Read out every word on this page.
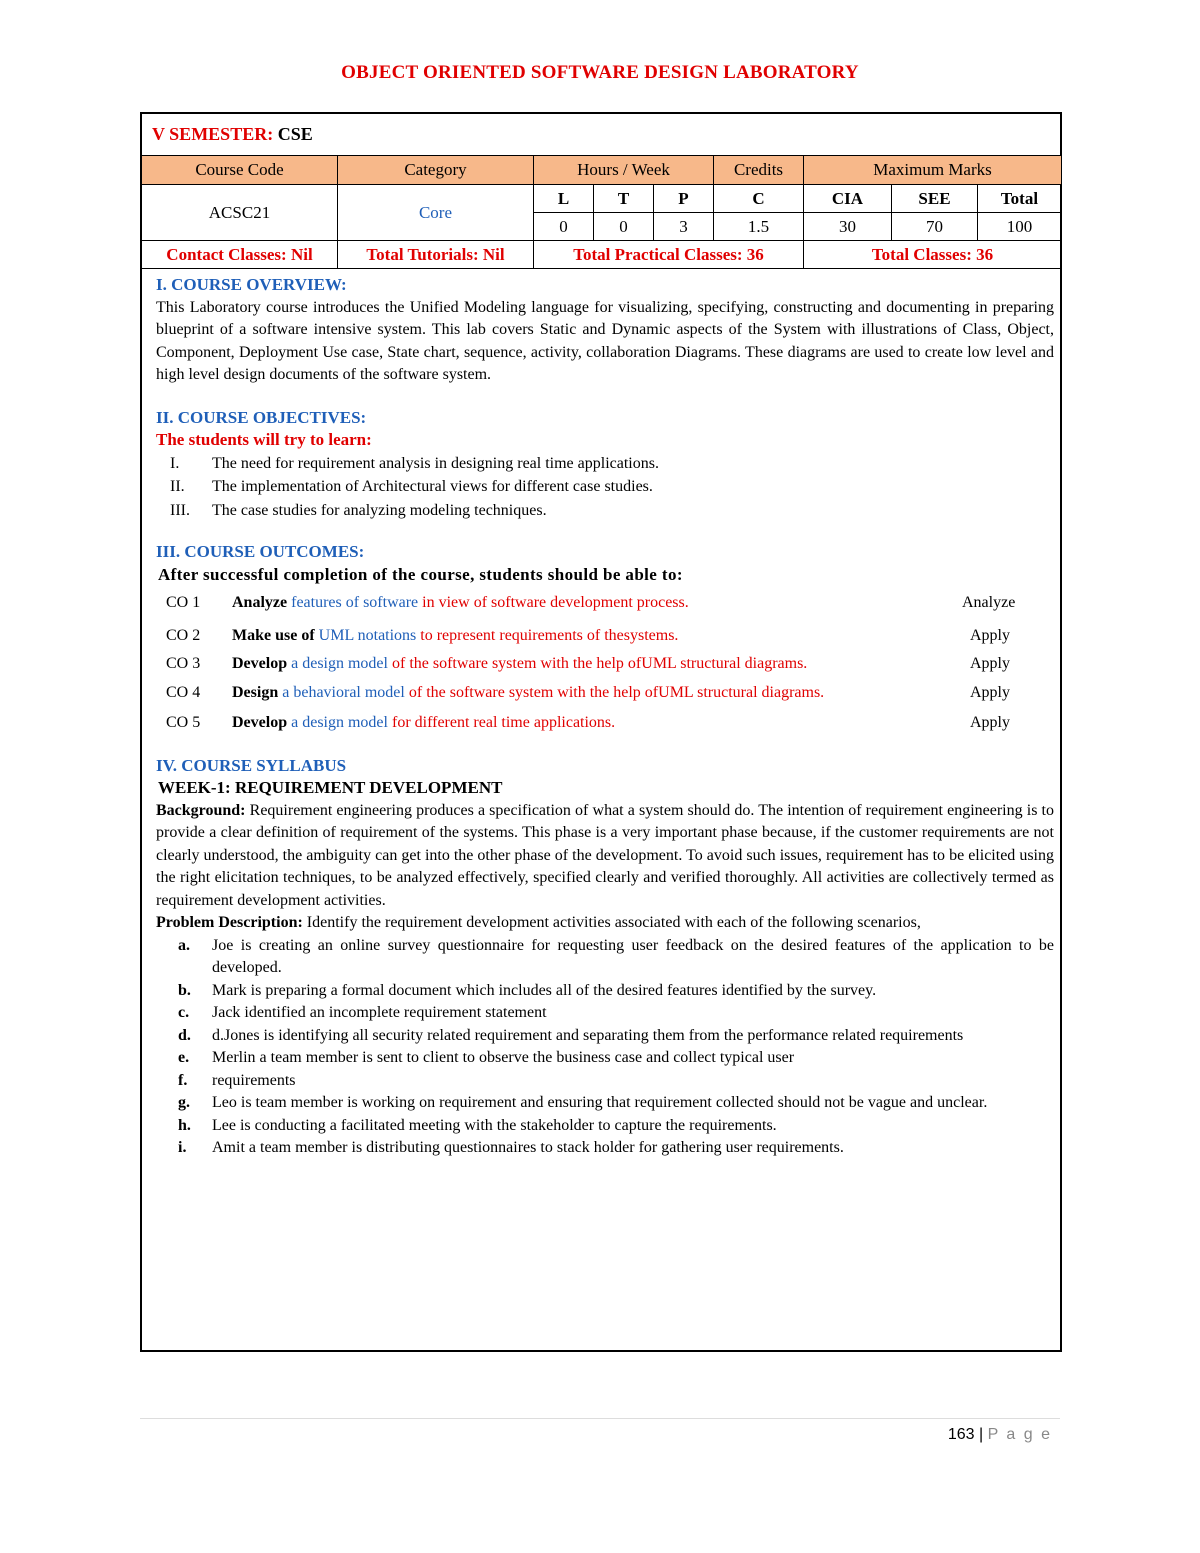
OBJECT ORIENTED SOFTWARE DESIGN LABORATORY
V SEMESTER: CSE
Course Code	Category	Hours / Week			Credits	Maximum Marks		
ACSC21	Core	L	T	P	C	CIA	SEE	Total
		0	0	3	1.5	30	70	100
Contact Classes: Nil	Total Tutorials: Nil	Total Practical Classes: 36				Total Classes: 36		
I. COURSE OVERVIEW:

This Laboratory course introduces the Unified Modeling language for visualizing, specifying, constructing and documenting in preparing blueprint of a software intensive system. This lab covers Static and Dynamic aspects of the System with illustrations of Class, Object, Component, Deployment Use case, State chart, sequence, activity, collaboration Diagrams. These diagrams are used to create low level and high level design documents of the software system.

II. COURSE OBJECTIVES:
The students will try to learn:
I. The need for requirement analysis in designing real time applications.
II. The implementation of Architectural views for different case studies.
III. The case studies for analyzing modeling techniques.
III. COURSE OUTCOMES:
After successful completion of the course, students should be able to:
CO 1 Analyze features of software in view of software development process.	Analyze
CO 2 Make use of UML notations to represent requirements of thesystems.	Apply
CO 3 Develop a design model of the software system with the help ofUML structural diagrams.	Apply
CO 4 Design a behavioral model of the software system with the help ofUML structural diagrams.	Apply
CO 5 Develop a design model for different real time applications.	Apply
IV. COURSE SYLLABUS
WEEK-1: REQUIREMENT DEVELOPMENT

Background: Requirement engineering produces a specification of what a system should do. The intention of requirement engineering is to provide a clear definition of requirement of the systems. This phase is a very important phase because, if the customer requirements are not clearly understood, the ambiguity can get into the other phase of the development. To avoid such issues, requirement has to be elicited using the right elicitation techniques, to be analyzed effectively, specified clearly and verified thoroughly. All activities are collectively termed as requirement development activities.

Problem Description: Identify the requirement development activities associated with each of the following scenarios,

a. Joe is creating an online survey questionnaire for requesting user feedback on the desired features of the application to be developed.
b. Mark is preparing a formal document which includes all of the desired features identified by the survey.
c. Jack identified an incomplete requirement statement
d. d.Jones is identifying all security related requirement and separating them from the performance related requirements
e. Merlin a team member is sent to client to observe the business case and collect typical user
f. requirements
g. Leo is team member is working on requirement and ensuring that requirement collected should not be vague and unclear.
h. Lee is conducting a facilitated meeting with the stakeholder to capture the requirements.
i. Amit a team member is distributing questionnaires to stack holder for gathering user requirements.
163 | P a g e
